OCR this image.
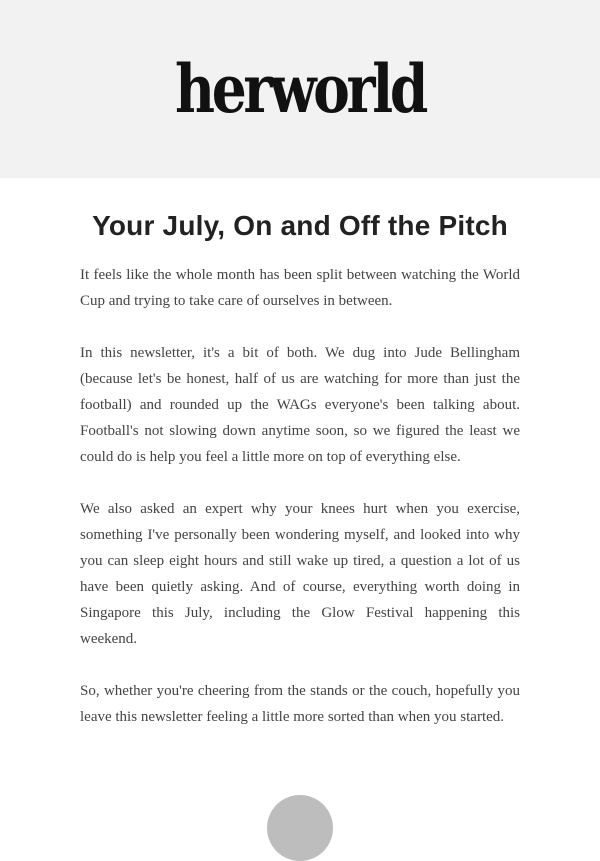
herworld
Your July, On and Off the Pitch

It feels like the whole month has been split between watching the World Cup and trying to take care of ourselves in between.

In this newsletter, it's a bit of both. We dug into Jude Bellingham (because let's be honest, half of us are watching for more than just the football) and rounded up the WAGs everyone's been talking about. Football's not slowing down anytime soon, so we figured the least we could do is help you feel a little more on top of everything else.

We also asked an expert why your knees hurt when you exercise, something I've personally been wondering myself, and looked into why you can sleep eight hours and still wake up tired, a question a lot of us have been quietly asking. And of course, everything worth doing in Singapore this July, including the Glow Festival happening this weekend.

So, whether you're cheering from the stands or the couch, hopefully you leave this newsletter feeling a little more sorted than when you started.
